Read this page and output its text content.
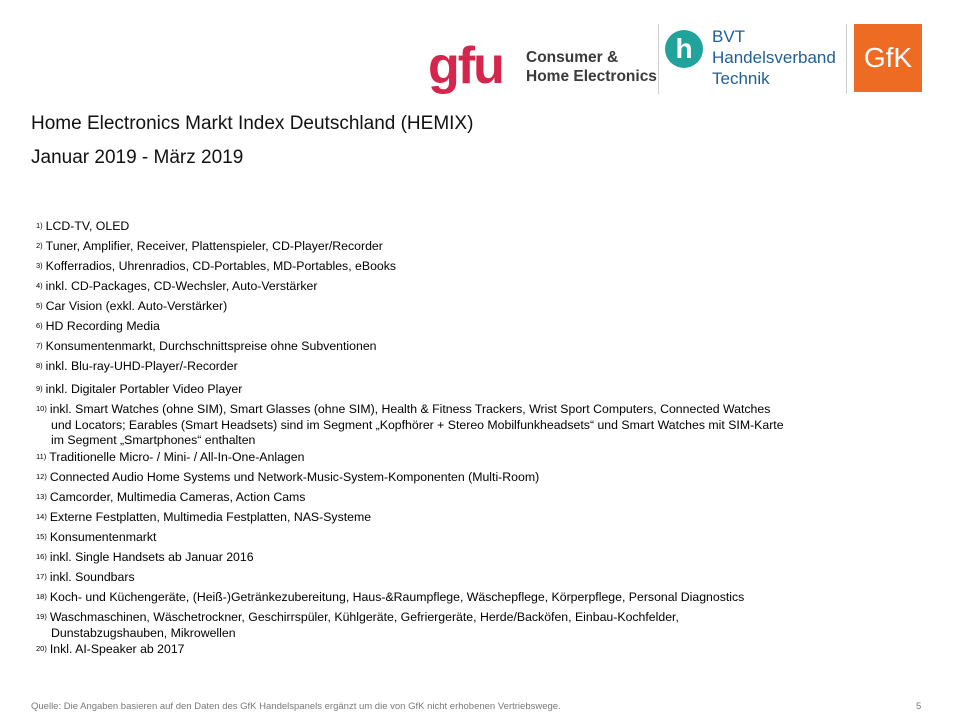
gfu Consumer &
Home Electronics
h	BVT
Handelsverband
Technik
GfK
Home Electronics Markt Index Deutschland (HEMIX)
Januar 2019 - März 2019
$^{1)}$ LCD-TV, OLED
$^{2)}$ Tuner, Amplifier, Receiver, Plattenspieler, CD-Player/Recorder
$^{3)}$ Kofferradios, Uhrenradios, CD-Portables, MD-Portables, eBooks
$^{4)}$ inkl. CD-Packages, CD-Wechsler, Auto-Verstärker
$^{5)}$ Car Vision (exkl. Auto-Verstärker)
$^{6)}$ HD Recording Media
$^{7)}$ Konsumentenmarkt, Durchschnittspreise ohne Subventionen
$^{8)}$ inkl. Blu-ray-UHD-Player/-Recorder
$^{9)}$ inkl. Digitaler Portabler Video Player
$^{10)}$ inkl. Smart Watches (ohne SIM), Smart Glasses (ohne SIM), Health & Fitness Trackers, Wrist Sport Computers, Connected Watches
und Locators; Earables (Smart Headsets) sind im Segment „Kopfhörer + Stereo Mobilfunkheadsets“ und Smart Watches mit SIM-Karte
im Segment „Smartphones“ enthalten
$^{11)}$ Traditionelle Micro- / Mini- / All-In-One-Anlagen
$^{12)}$ Connected Audio Home Systems und Network-Music-System-Komponenten (Multi-Room)
$^{13)}$ Camcorder, Multimedia Cameras, Action Cams
$^{14)}$ Externe Festplatten, Multimedia Festplatten, NAS-Systeme
$^{15)}$ Konsumentenmarkt
$^{16)}$ inkl. Single Handsets ab Januar 2016
$^{17)}$ inkl. Soundbars
$^{18)}$ Koch- und Küchengeräte, (Heiß-)Getränkezubereitung, Haus-&Raumpflege, Wäschepflege, Körperpflege, Personal Diagnostics
$^{19)}$ Waschmaschinen, Wäschetrockner, Geschirrspüler, Kühlgeräte, Gefriergeräte, Herde/Backöfen, Einbau-Kochfelder,
Dunstabzugshauben, Mikrowellen
$^{20)}$ Inkl. AI-Speaker ab 2017
Quelle: Die Angaben basieren auf den Daten des GfK Handelspanels ergänzt um die von GfK nicht erhobenen Vertriebswege.	5
